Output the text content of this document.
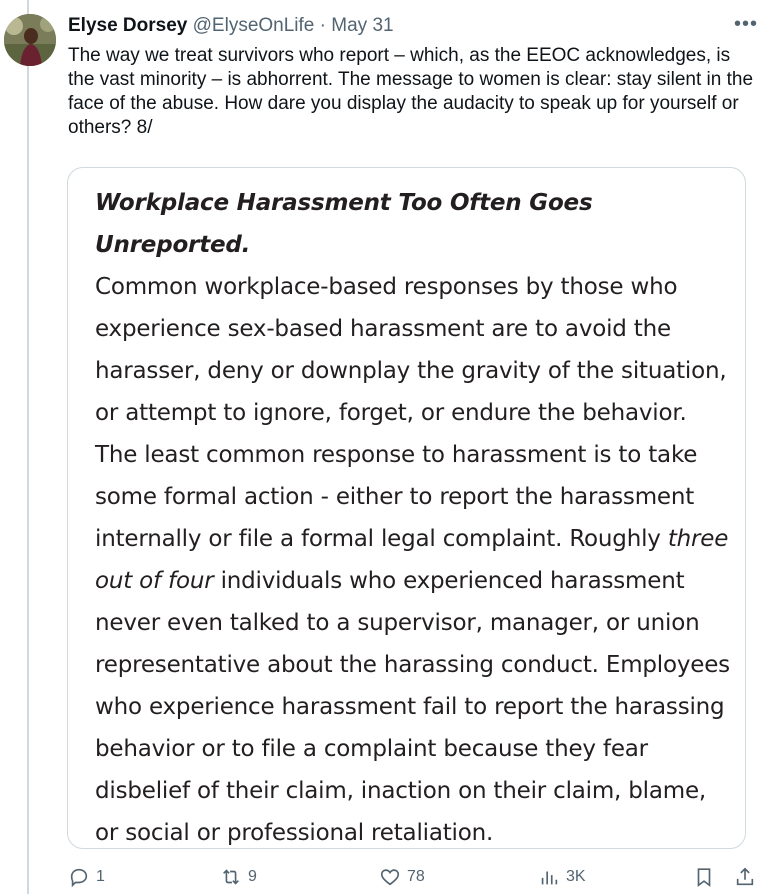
Elyse Dorsey @ElyseOnLife · May 31	•••

The way we treat survivors who report – which, as the EEOC acknowledges, is the vast minority – is abhorrent. The message to women is clear: stay silent in the face of the abuse. How dare you display the audacity to speak up for yourself or others? 8/

Workplace Harassment Too Often Goes Unreported.

Common workplace-based responses by those who experience sex-based harassment are to avoid the harasser, deny or downplay the gravity of the situation, or attempt to ignore, forget, or endure the behavior. The least common response to harassment is to take some formal action - either to report the harassment internally or file a formal legal complaint. Roughly three out of four individuals who experienced harassment never even talked to a supervisor, manager, or union representative about the harassing conduct. Employees who experience harassment fail to report the harassing behavior or to file a complaint because they fear disbelief of their claim, inaction on their claim, blame, or social or professional retaliation.

1	9	78	3K
